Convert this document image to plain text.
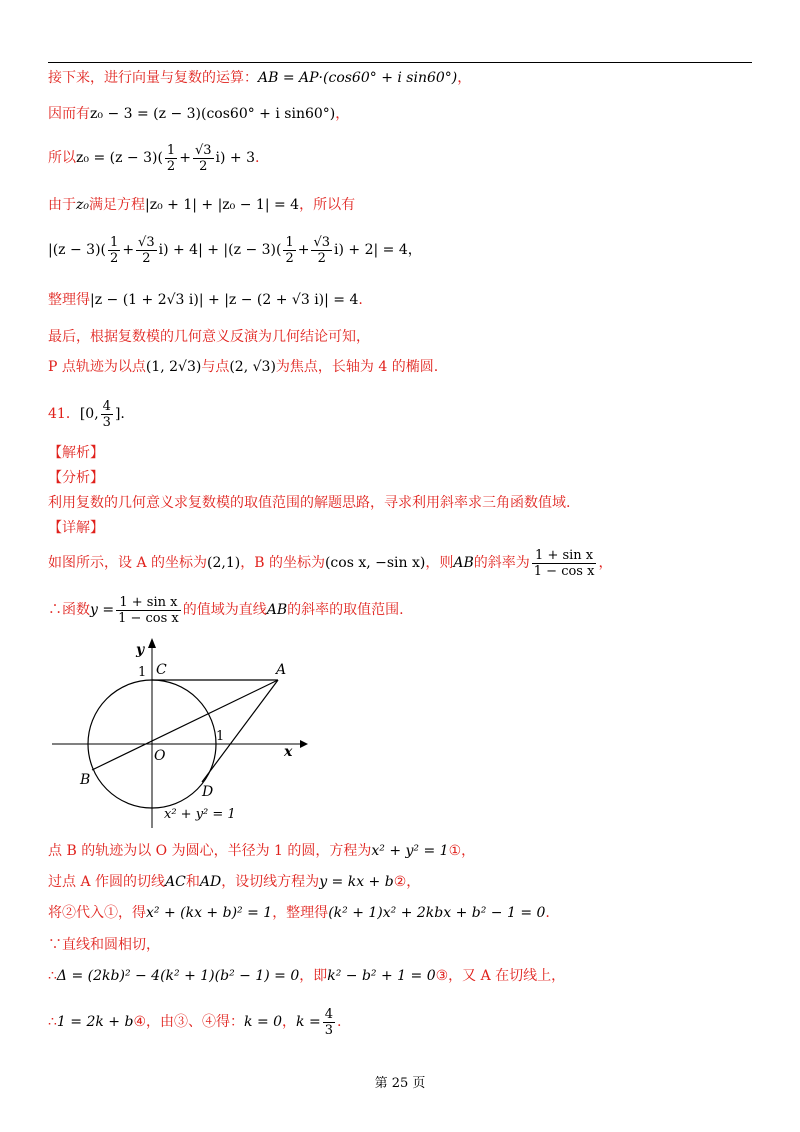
接下来，进行向量与复数的运算：AB = AP·(cos60° + i sin60°)，
因而有z₀ − 3 = (z − 3)(cos60° + i sin60°)，
所以$z_0 = (z - 3)( \frac{1}{2} + \frac{√3}{2} i) + 3$.
由于z₀满足方程|z₀ + 1| + |z₀ − 1| = 4，所以有
$|(z - 3)( \frac{1}{2} + \frac{√3}{2} i) + 4| + |(z - 3)( \frac{1}{2} + \frac{√3}{2} i) + 2| = 4$，
整理得|z − (1 + 2√3 i)| + |z − (2 + √3 i)| = 4.
最后，根据复数模的几何意义反演为几何结论可知，
P 点轨迹为以点(1, 2√3)与点(2, √3)为焦点，长轴为 4 的椭圆.
41．[0, $\frac{4}{3}$ ].
【解析】
【分析】
利用复数的几何意义求复数模的取值范围的解题思路，寻求利用斜率求三角函数值域.
【详解】
如图所示，设 A 的坐标为(2,1)，B 的坐标为(cos x, −sin x)，则AB的斜率为 $\frac{\text{1 + sin x}}{\text{1 − cos x}}$ ，
∴函数$y = \frac{\text{1 + sin x}}{\text{1 − cos x}}$ 的值域为直线AB的斜率的取值范围.
y
x
1
1
C	A
O
B
D
x² + y² = 1
点 B 的轨迹为以 O 为圆心，半径为 1 的圆，方程为x² + y² = 1①，
过点 A 作圆的切线AC和AD，设切线方程为y = kx + b②，
将②代入①，得x² + (kx + b)² = 1，整理得(k² + 1)x² + 2kbx + b² − 1 = 0.
∵直线和圆相切，
∴Δ = (2kb)² − 4(k² + 1)(b² − 1) = 0，即k² − b² + 1 = 0③，又 A 在切线上，
∴1 = 2k + b④，由③、④得：k = 0，$k = \frac{4}{3}$ .
第 25 页
